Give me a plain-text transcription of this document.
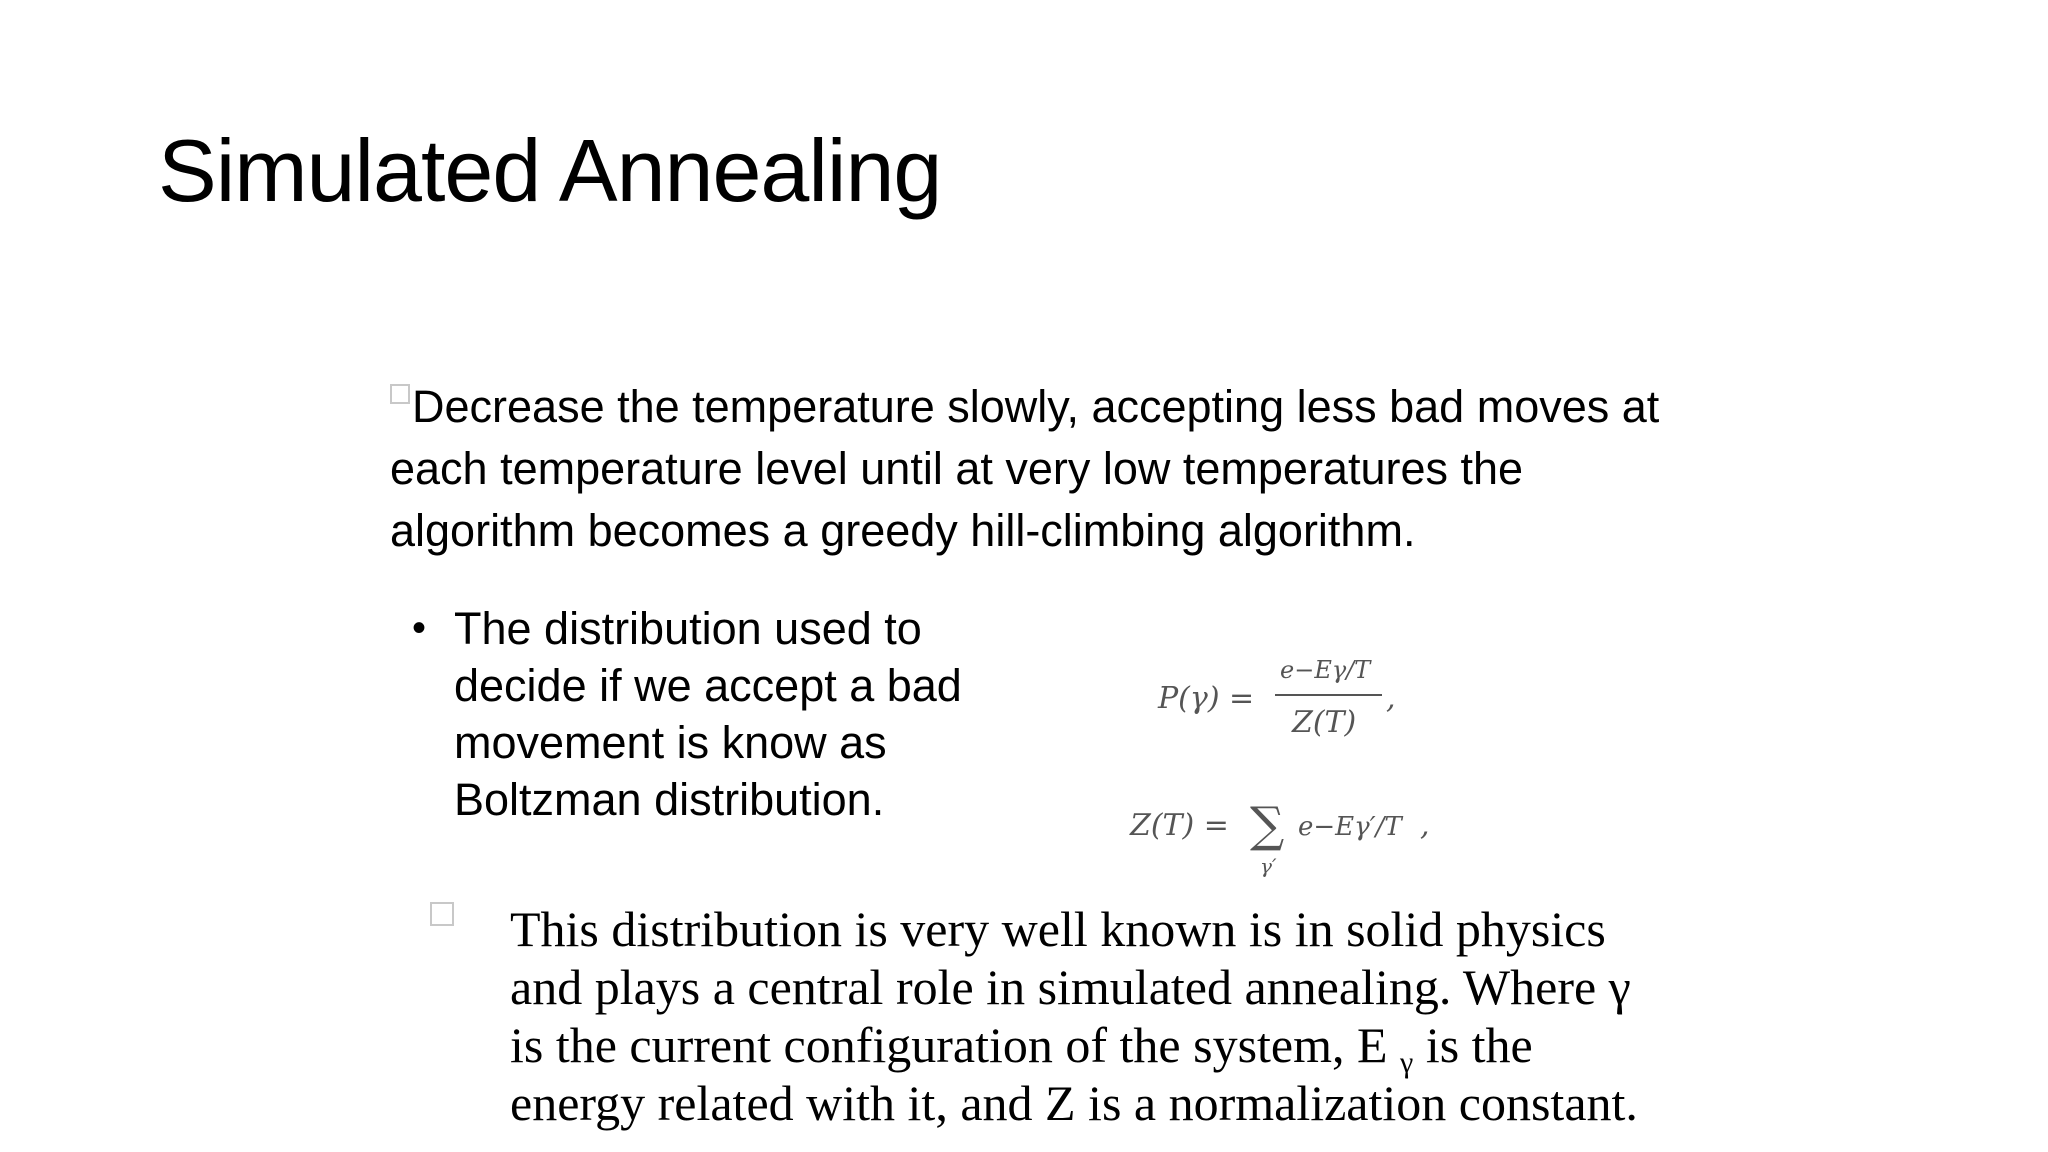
Simulated Annealing

Decrease the temperature slowly, accepting less bad moves at each temperature level until at very low temperatures the algorithm becomes a greedy hill-climbing algorithm.

• The distribution used to decide if we accept a bad movement is know as Boltzman distribution.
P(γ) =
e−Eγ/T
Z(T)
,
Z(T) = ∑
γ′
e−Eγ′/T ,
This distribution is very well known is in solid physics and plays a central role in simulated annealing. Where γ is the current configuration of the system, E $_\gamma$ is the energy related with it, and Z is a normalization constant.
